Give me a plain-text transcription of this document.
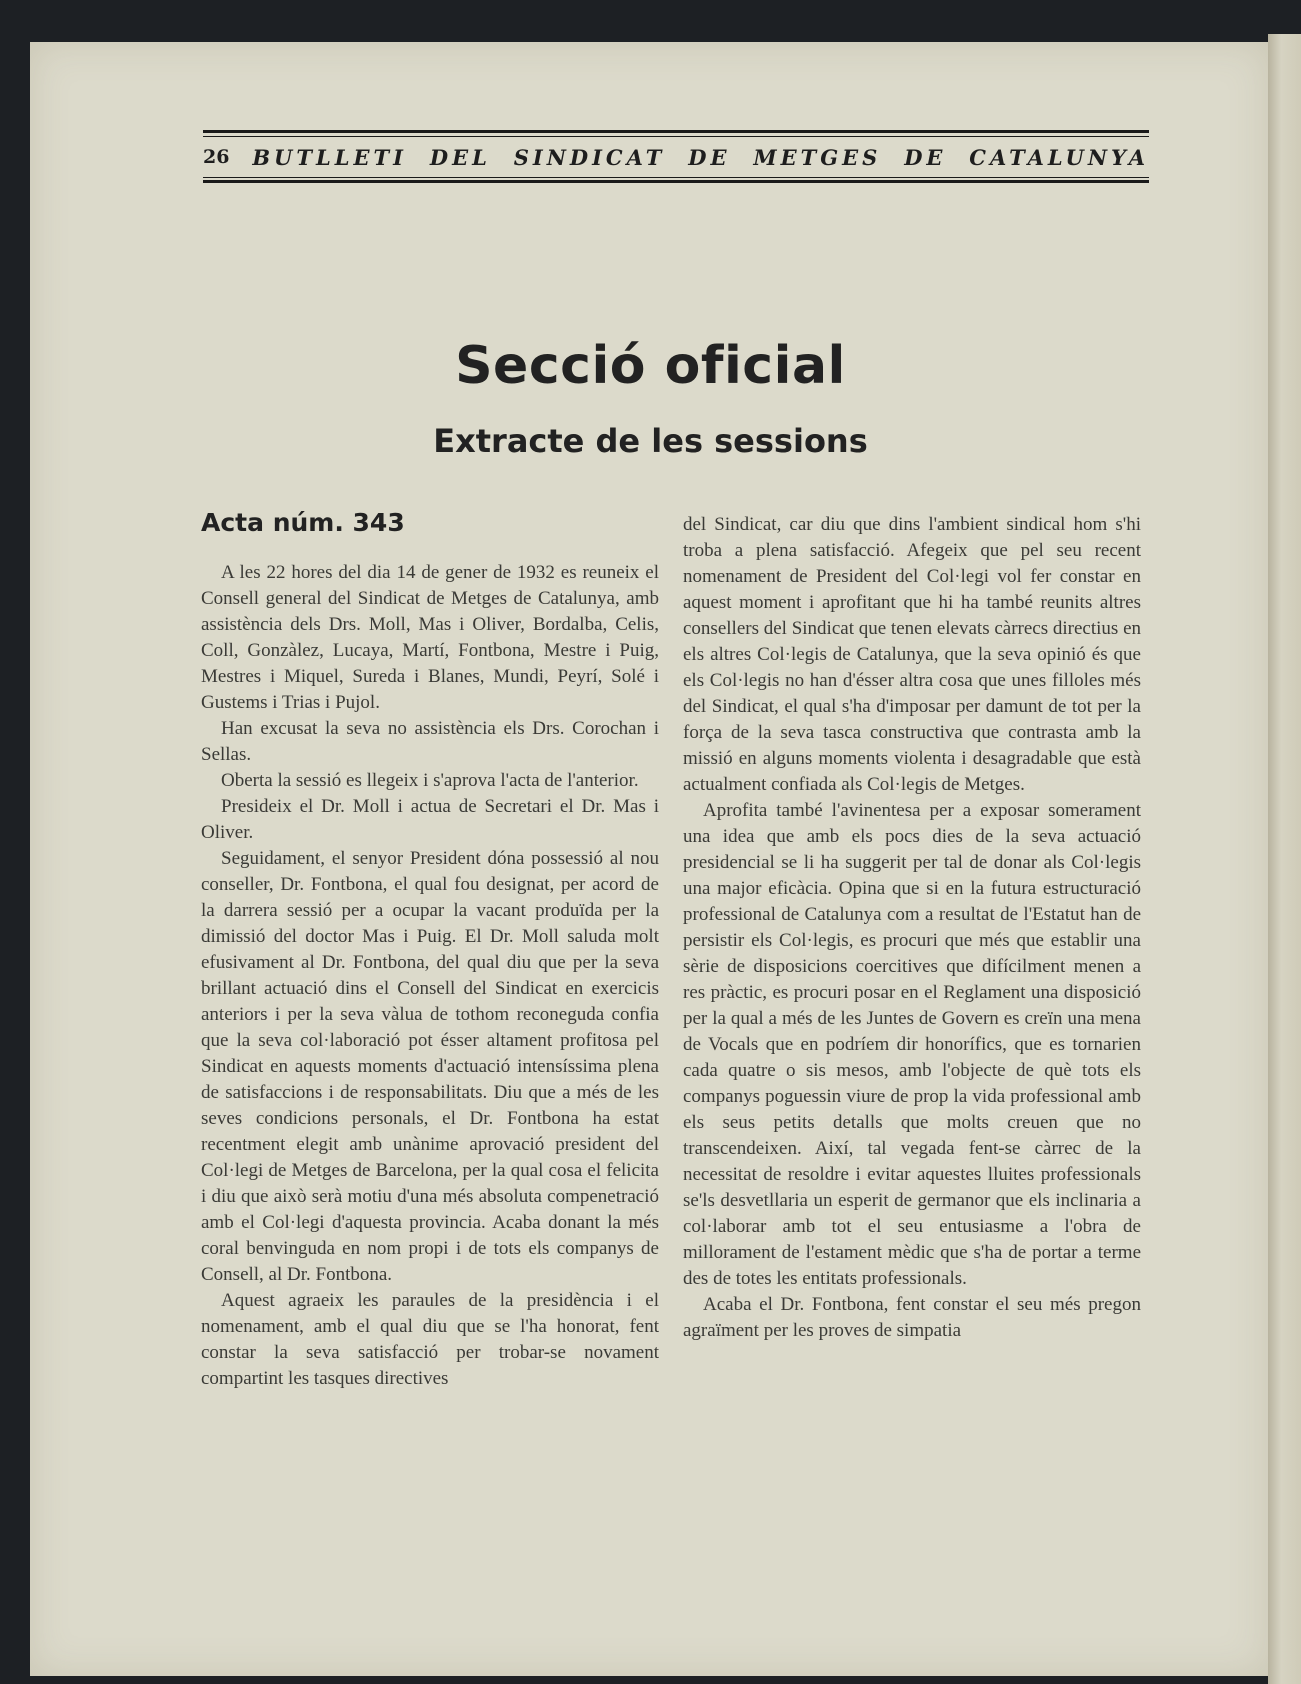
26 BUTLLETI DEL SINDICAT DE METGES DE CATALUNYA
Secció oficial
Extracte de les sessions
Acta núm. 343

A les 22 hores del dia 14 de gener de 1932 es reuneix el Consell general del Sindicat de Metges de Catalunya, amb assistència dels Drs. Moll, Mas i Oliver, Bordalba, Celis, Coll, Gonzàlez, Lucaya, Martí, Fontbona, Mestre i Puig, Mestres i Miquel, Sureda i Blanes, Mundi, Peyrí, Solé i Gustems i Trias i Pujol.

Han excusat la seva no assistència els Drs. Corochan i Sellas.

Oberta la sessió es llegeix i s'aprova l'acta de l'anterior.

Presideix el Dr. Moll i actua de Secretari el Dr. Mas i Oliver.

Seguidament, el senyor President dóna possessió al nou conseller, Dr. Fontbona, el qual fou designat, per acord de la darrera sessió per a ocupar la vacant produïda per la dimissió del doctor Mas i Puig. El Dr. Moll saluda molt efusivament al Dr. Fontbona, del qual diu que per la seva brillant actuació dins el Consell del Sindicat en exercicis anteriors i per la seva vàlua de tothom reconeguda confia que la seva col·laboració pot ésser altament profitosa pel Sindicat en aquests moments d'actuació intensíssima plena de satisfaccions i de responsabilitats. Diu que a més de les seves condicions personals, el Dr. Fontbona ha estat recentment elegit amb unànime aprovació president del Col·legi de Metges de Barcelona, per la qual cosa el felicita i diu que això serà motiu d'una més absoluta compenetració amb el Col·legi d'aquesta provincia. Acaba donant la més coral benvinguda en nom propi i de tots els companys de Consell, al Dr. Fontbona.

Aquest agraeix les paraules de la presidència i el nomenament, amb el qual diu que se l'ha honorat, fent constar la seva satisfacció per trobar-se novament compartint les tasques directives

del Sindicat, car diu que dins l'ambient sindical hom s'hi troba a plena satisfacció. Afegeix que pel seu recent nomenament de President del Col·legi vol fer constar en aquest moment i aprofitant que hi ha també reunits altres consellers del Sindicat que tenen elevats càrrecs directius en els altres Col·legis de Catalunya, que la seva opinió és que els Col·legis no han d'ésser altra cosa que unes filloles més del Sindicat, el qual s'ha d'imposar per damunt de tot per la força de la seva tasca constructiva que contrasta amb la missió en alguns moments violenta i desagradable que està actualment confiada als Col·legis de Metges.

Aprofita també l'avinentesa per a exposar somerament una idea que amb els pocs dies de la seva actuació presidencial se li ha suggerit per tal de donar als Col·legis una major eficàcia. Opina que si en la futura estructuració professional de Catalunya com a resultat de l'Estatut han de persistir els Col·legis, es procuri que més que establir una sèrie de disposicions coercitives que difícilment menen a res pràctic, es procuri posar en el Reglament una disposició per la qual a més de les Juntes de Govern es creïn una mena de Vocals que en podríem dir honorífics, que es tornarien cada quatre o sis mesos, amb l'objecte de què tots els companys poguessin viure de prop la vida professional amb els seus petits detalls que molts creuen que no transcendeixen. Així, tal vegada fent-se càrrec de la necessitat de resoldre i evitar aquestes lluites professionals se'ls desvetllaria un esperit de germanor que els inclinaria a col·laborar amb tot el seu entusiasme a l'obra de millorament de l'estament mèdic que s'ha de portar a terme des de totes les entitats professionals.

Acaba el Dr. Fontbona, fent constar el seu més pregon agraïment per les proves de simpatia
